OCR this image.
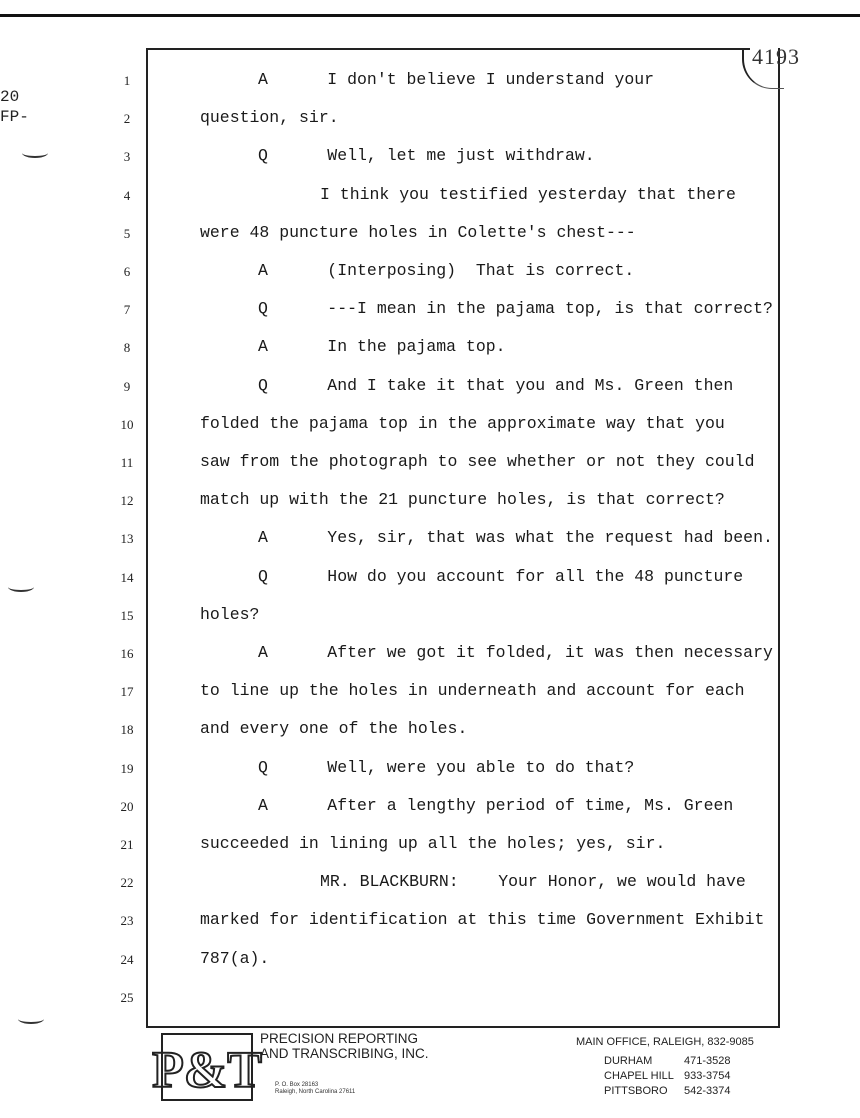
20
FP-
4193
1	A      I don't believe I understand your
2	question, sir.
3	Q      Well, let me just withdraw.
4	I think you testified yesterday that there
5	were 48 puncture holes in Colette's chest---
6	A      (Interposing)  That is correct.
7	Q      ---I mean in the pajama top, is that correct?
8	A      In the pajama top.
9	Q      And I take it that you and Ms. Green then
10	folded the pajama top in the approximate way that you
11	saw from the photograph to see whether or not they could
12	match up with the 21 puncture holes, is that correct?
13	A      Yes, sir, that was what the request had been.
14	Q      How do you account for all the 48 puncture
15	holes?
16	A      After we got it folded, it was then necessary
17	to line up the holes in underneath and account for each
18	and every one of the holes.
19	Q      Well, were you able to do that?
20	A      After a lengthy period of time, Ms. Green
21	succeeded in lining up all the holes; yes, sir.
22	MR. BLACKBURN:    Your Honor, we would have
23	marked for identification at this time Government Exhibit
24	787(a).
25
P&T
PRECISION REPORTING
AND TRANSCRIBING, INC.
P. O. Box 28163
Raleigh, North Carolina 27611
MAIN OFFICE, RALEIGH, 832-9085
DURHAM	471-3528
CHAPEL HILL 933-3754
PITTSBORO 542-3374
